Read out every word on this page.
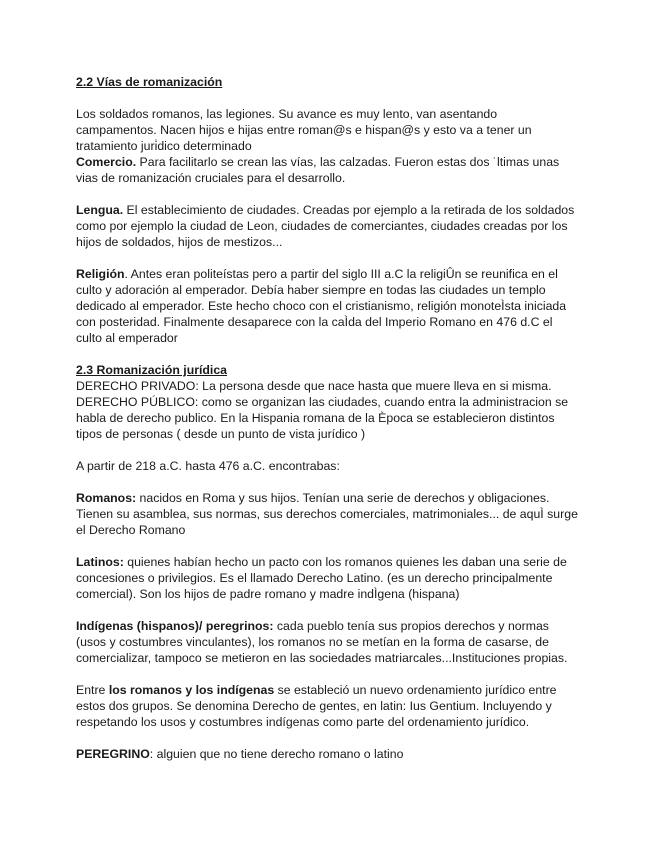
2.2 Vías de romanización

Los soldados romanos, las legiones. Su avance es muy lento, van asentando campamentos. Nacen hijos e hijas entre roman@s e hispan@s y esto va a tener un tratamiento juri̇dico determinado

Comercio. Para facilitarlo se crean las vías, las calzadas. Fueron estas dos ˙ltimas unas vias de romanización cruciales para el desarrollo.

Lengua. El establecimiento de ciudades. Creadas por ejemplo a la retirada de los soldados como por ejemplo la ciudad de Leon, ciudades de comerciantes, ciudades creadas por los hijos de soldados, hijos de mestizos...

Religión. Antes eran politeístas pero a partir del siglo III a.C la religiÛn se reunifica en el culto y adoración al emperador. Debía haber siempre en todas las ciudades un templo dedicado al emperador. Este hecho choco con el cristianismo, religión monoteÌsta iniciada con posteridad. Finalmente desaparece con la caÌda del Imperio Romano en 476 d.C el culto al emperador

2.3 Romanización jurídica

DERECHO PRIVADO: La persona desde que nace hasta que muere lleva en si misma. DERECHO PÚBLICO: como se organizan las ciudades, cuando entra la administracion se habla de derecho publico. En la Hispania romana de la Època se establecieron distintos tipos de personas ( desde un punto de vista jurídico )

A partir de 218 a.C. hasta 476 a.C. encontrabas:

Romanos: nacidos en Roma y sus hijos. Tenían una serie de derechos y obligaciones. Tienen su asamblea, sus normas, sus derechos comerciales, matrimoniales... de aquÌ surge el Derecho Romano

Latinos: quienes habían hecho un pacto con los romanos quienes les daban una serie de concesiones o privilegios. Es el llamado Derecho Latino. (es un derecho principalmente comercial). Son los hijos de padre romano y madre indÌgena (hispana)

Indígenas (hispanos)/ peregrinos: cada pueblo tenía sus propios derechos y normas (usos y costumbres vinculantes), los romanos no se metían en la forma de casarse, de comercializar, tampoco se metieron en las sociedades matriarcales...Instituciones propias.

Entre los romanos y los indígenas se estableció un nuevo ordenamiento jurídico entre estos dos grupos. Se denomina Derecho de gentes, en latin: Ius Gentium. Incluyendo y respetando los usos y costumbres indígenas como parte del ordenamiento jurídico.

PEREGRINO: alguien que no tiene derecho romano o latino
